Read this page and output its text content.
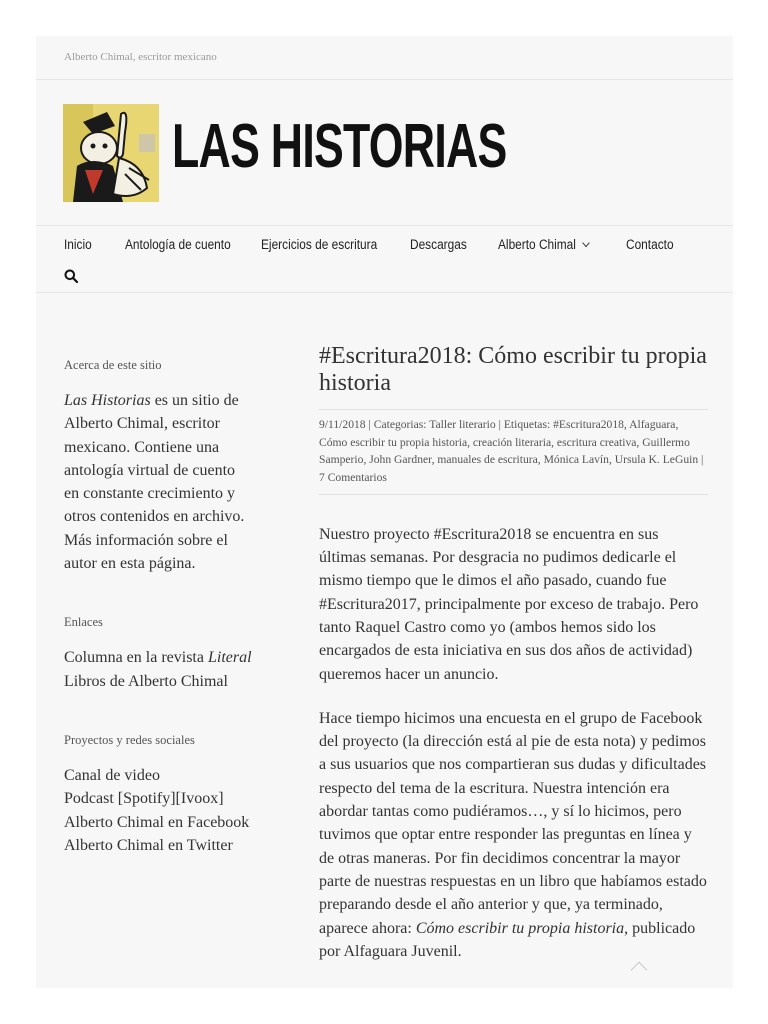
Alberto Chimal, escritor mexicano
LAS HISTORIAS
Inicio Antología de cuento Ejercicios de escritura Descargas Alberto Chimal	Contacto
Acerca de este sitio
Las Historias es un sitio de Alberto Chimal, escritor mexicano. Contiene una antología virtual de cuento en constante crecimiento y otros contenidos en archivo. Más información sobre el autor en esta página.
Enlaces
Columna en la revista Literal
Libros de Alberto Chimal
Proyectos y redes sociales
Canal de video
Podcast [Spotify][Ivoox]
Alberto Chimal en Facebook
Alberto Chimal en Twitter
#Escritura2018: Cómo escribir tu propia historia
9/11/2018 | Categorias: Taller literario | Etiquetas: #Escritura2018, Alfaguara, Cómo escribir tu propia historia, creación literaria, escritura creativa, Guillermo Samperio, John Gardner, manuales de escritura, Mónica Lavín, Ursula K. LeGuin | 7 Comentarios

Nuestro proyecto #Escritura2018 se encuentra en sus últimas semanas. Por desgracia no pudimos dedicarle el mismo tiempo que le dimos el año pasado, cuando fue #Escritura2017, principalmente por exceso de trabajo. Pero tanto Raquel Castro como yo (ambos hemos sido los encargados de esta iniciativa en sus dos años de actividad) queremos hacer un anuncio.

Hace tiempo hicimos una encuesta en el grupo de Facebook del proyecto (la dirección está al pie de esta nota) y pedimos a sus usuarios que nos compartieran sus dudas y dificultades respecto del tema de la escritura. Nuestra intención era abordar tantas como pudiéramos…, y sí lo hicimos, pero tuvimos que optar entre responder las preguntas en línea y de otras maneras. Por fin decidimos concentrar la mayor parte de nuestras respuestas en un libro que habíamos estado preparando desde el año anterior y que, ya terminado, aparece ahora: Cómo escribir tu propia historia, publicado por Alfaguara Juvenil.
